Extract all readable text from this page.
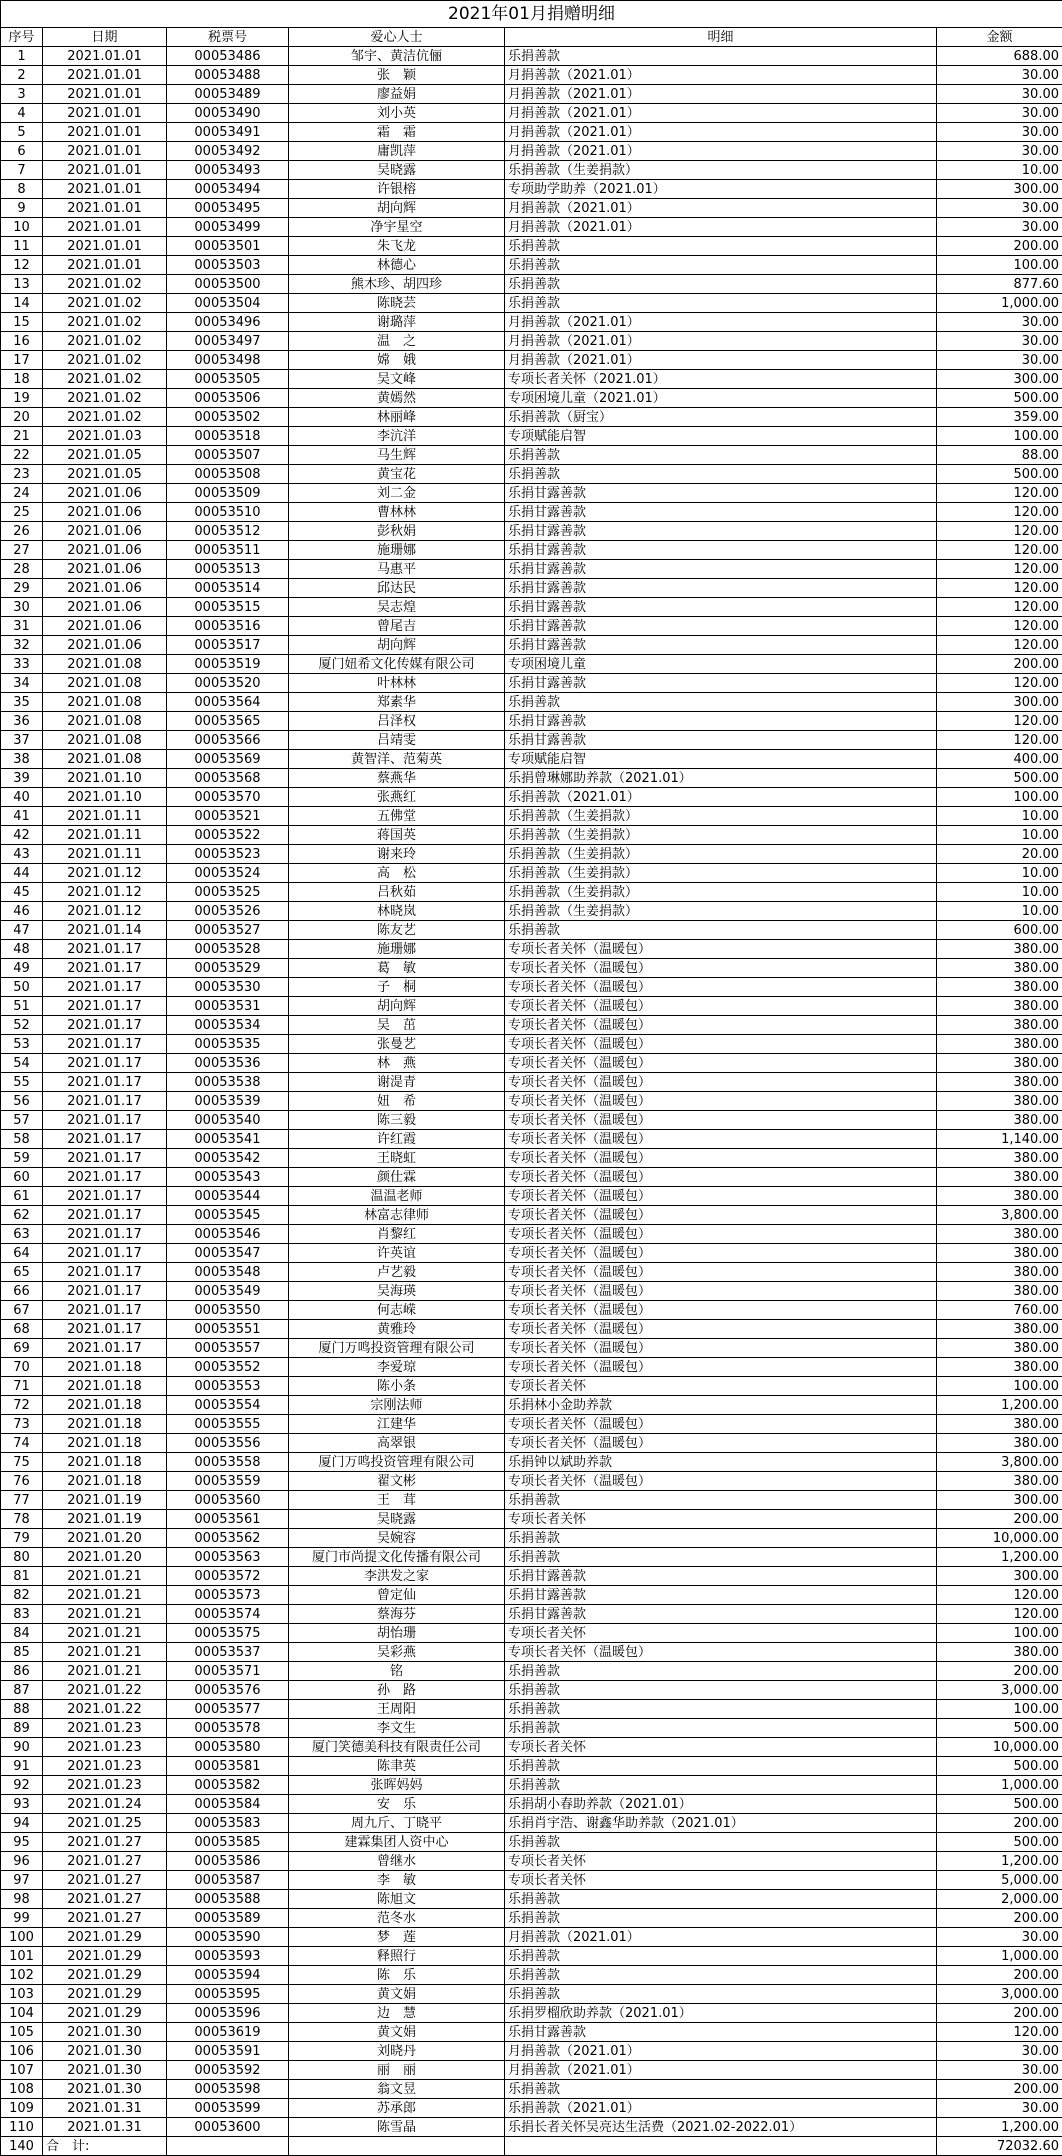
2021年01月捐赠明细					
序号	日期	税票号	爱心人士	明细	金额
1	2021.01.01	00053486	邹宇、黄洁伉俪	乐捐善款	688.00
2	2021.01.01	00053488	张　颖	月捐善款（2021.01）	30.00
3	2021.01.01	00053489	廖益娟	月捐善款（2021.01）	30.00
4	2021.01.01	00053490	刘小英	月捐善款（2021.01）	30.00
5	2021.01.01	00053491	霜　霜	月捐善款（2021.01）	30.00
6	2021.01.01	00053492	庸凯萍	月捐善款（2021.01）	30.00
7	2021.01.01	00053493	吴晓露	乐捐善款（生姜捐款）	10.00
8	2021.01.01	00053494	许银榕	专项助学助养（2021.01）	300.00
9	2021.01.01	00053495	胡向辉	月捐善款（2021.01）	30.00
10	2021.01.01	00053499	净宇星空	月捐善款（2021.01）	30.00
11	2021.01.01	00053501	朱飞龙	乐捐善款	200.00
12	2021.01.01	00053503	林德心	乐捐善款	100.00
13	2021.01.02	00053500	熊木珍、胡四珍	乐捐善款	877.60
14	2021.01.02	00053504	陈晓芸	乐捐善款	1,000.00
15	2021.01.02	00053496	谢璐萍	月捐善款（2021.01）	30.00
16	2021.01.02	00053497	温　之	月捐善款（2021.01）	30.00
17	2021.01.02	00053498	嫦　娥	月捐善款（2021.01）	30.00
18	2021.01.02	00053505	吴文峰	专项长者关怀（2021.01）	300.00
19	2021.01.02	00053506	黄嫣然	专项困境儿童（2021.01）	500.00
20	2021.01.02	00053502	林丽峰	乐捐善款（厨宝）	359.00
21	2021.01.03	00053518	李沆洋	专项赋能启智	100.00
22	2021.01.05	00053507	马生辉	乐捐善款	88.00
23	2021.01.05	00053508	黄宝花	乐捐善款	500.00
24	2021.01.06	00053509	刘二金	乐捐甘露善款	120.00
25	2021.01.06	00053510	曹林林	乐捐甘露善款	120.00
26	2021.01.06	00053512	彭秋娟	乐捐甘露善款	120.00
27	2021.01.06	00053511	施珊娜	乐捐甘露善款	120.00
28	2021.01.06	00053513	马惠平	乐捐甘露善款	120.00
29	2021.01.06	00053514	邱达民	乐捐甘露善款	120.00
30	2021.01.06	00053515	吴志煌	乐捐甘露善款	120.00
31	2021.01.06	00053516	曾尾吉	乐捐甘露善款	120.00
32	2021.01.06	00053517	胡向辉	乐捐甘露善款	120.00
33	2021.01.08	00053519	厦门妞希文化传媒有限公司	专项困境儿童	200.00
34	2021.01.08	00053520	叶林林	乐捐甘露善款	120.00
35	2021.01.08	00053564	郑素华	乐捐善款	300.00
36	2021.01.08	00053565	吕泽权	乐捐甘露善款	120.00
37	2021.01.08	00053566	吕靖雯	乐捐甘露善款	120.00
38	2021.01.08	00053569	黄智洋、范菊英	专项赋能启智	400.00
39	2021.01.10	00053568	蔡燕华	乐捐曾琳娜助养款（2021.01）	500.00
40	2021.01.10	00053570	张燕红	乐捐善款（2021.01）	100.00
41	2021.01.11	00053521	五佛堂	乐捐善款（生姜捐款）	10.00
42	2021.01.11	00053522	蒋国英	乐捐善款（生姜捐款）	10.00
43	2021.01.11	00053523	谢来玲	乐捐善款（生姜捐款）	20.00
44	2021.01.12	00053524	高　松	乐捐善款（生姜捐款）	10.00
45	2021.01.12	00053525	吕秋茹	乐捐善款（生姜捐款）	10.00
46	2021.01.12	00053526	林晓岚	乐捐善款（生姜捐款）	10.00
47	2021.01.14	00053527	陈友艺	乐捐善款	600.00
48	2021.01.17	00053528	施珊娜	专项长者关怀（温暖包）	380.00
49	2021.01.17	00053529	葛　敏	专项长者关怀（温暖包）	380.00
50	2021.01.17	00053530	子　桐	专项长者关怀（温暖包）	380.00
51	2021.01.17	00053531	胡向辉	专项长者关怀（温暖包）	380.00
52	2021.01.17	00053534	吴　茁	专项长者关怀（温暖包）	380.00
53	2021.01.17	00053535	张曼艺	专项长者关怀（温暖包）	380.00
54	2021.01.17	00053536	林　燕	专项长者关怀（温暖包）	380.00
55	2021.01.17	00053538	谢湜青	专项长者关怀（温暖包）	380.00
56	2021.01.17	00053539	妞　希	专项长者关怀（温暖包）	380.00
57	2021.01.17	00053540	陈三毅	专项长者关怀（温暖包）	380.00
58	2021.01.17	00053541	许红霞	专项长者关怀（温暖包）	1,140.00
59	2021.01.17	00053542	王晓虹	专项长者关怀（温暖包）	380.00
60	2021.01.17	00053543	颜仕霖	专项长者关怀（温暖包）	380.00
61	2021.01.17	00053544	温温老师	专项长者关怀（温暖包）	380.00
62	2021.01.17	00053545	林富志律师	专项长者关怀（温暖包）	3,800.00
63	2021.01.17	00053546	肖黎红	专项长者关怀（温暖包）	380.00
64	2021.01.17	00053547	许英谊	专项长者关怀（温暖包）	380.00
65	2021.01.17	00053548	卢艺毅	专项长者关怀（温暖包）	380.00
66	2021.01.17	00053549	吴海瑛	专项长者关怀（温暖包）	380.00
67	2021.01.17	00053550	何志嵘	专项长者关怀（温暖包）	760.00
68	2021.01.17	00053551	黄雅玲	专项长者关怀（温暖包）	380.00
69	2021.01.17	00053557	厦门万鸣投资管理有限公司	专项长者关怀（温暖包）	380.00
70	2021.01.18	00053552	李爱琼	专项长者关怀（温暖包）	380.00
71	2021.01.18	00053553	陈小条	专项长者关怀	100.00
72	2021.01.18	00053554	宗刚法师	乐捐林小金助养款	1,200.00
73	2021.01.18	00053555	江建华	专项长者关怀（温暖包）	380.00
74	2021.01.18	00053556	高翠银	专项长者关怀（温暖包）	380.00
75	2021.01.18	00053558	厦门万鸣投资管理有限公司	乐捐钟以斌助养款	3,800.00
76	2021.01.18	00053559	翟文彬	专项长者关怀（温暖包）	380.00
77	2021.01.19	00053560	王　茸	乐捐善款	300.00
78	2021.01.19	00053561	吴晓露	专项长者关怀	200.00
79	2021.01.20	00053562	吴婉容	乐捐善款	10,000.00
80	2021.01.20	00053563	厦门市尚提文化传播有限公司	乐捐善款	1,200.00
81	2021.01.21	00053572	李洪发之家	乐捐甘露善款	300.00
82	2021.01.21	00053573	曾定仙	乐捐甘露善款	120.00
83	2021.01.21	00053574	蔡海芬	乐捐甘露善款	120.00
84	2021.01.21	00053575	胡怡珊	专项长者关怀	100.00
85	2021.01.21	00053537	吴彩燕	专项长者关怀（温暖包）	380.00
86	2021.01.21	00053571	铭	乐捐善款	200.00
87	2021.01.22	00053576	孙　路	乐捐善款	3,000.00
88	2021.01.22	00053577	王周阳	乐捐善款	100.00
89	2021.01.23	00053578	李文生	乐捐善款	500.00
90	2021.01.23	00053580	厦门笑德美科技有限责任公司	专项长者关怀	10,000.00
91	2021.01.23	00053581	陈聿英	乐捐善款	500.00
92	2021.01.23	00053582	张晖妈妈	乐捐善款	1,000.00
93	2021.01.24	00053584	安　乐	乐捐胡小春助养款（2021.01）	500.00
94	2021.01.25	00053583	周九斤、丁晓平	乐捐肖宇浩、谢鑫华助养款（2021.01）	200.00
95	2021.01.27	00053585	建霖集团人资中心	乐捐善款	500.00
96	2021.01.27	00053586	曾继水	专项长者关怀	1,200.00
97	2021.01.27	00053587	李　敏	专项长者关怀	5,000.00
98	2021.01.27	00053588	陈旭文	乐捐善款	2,000.00
99	2021.01.27	00053589	范冬水	乐捐善款	200.00
100	2021.01.29	00053590	梦　莲	月捐善款（2021.01）	30.00
101	2021.01.29	00053593	释照行	乐捐善款	1,000.00
102	2021.01.29	00053594	陈　乐	乐捐善款	200.00
103	2021.01.29	00053595	黄文娟	乐捐善款	3,000.00
104	2021.01.29	00053596	边　慧	乐捐罗榴欣助养款（2021.01）	200.00
105	2021.01.30	00053619	黄文娟	乐捐甘露善款	120.00
106	2021.01.30	00053591	刘晓丹	月捐善款（2021.01）	30.00
107	2021.01.30	00053592	丽　丽	月捐善款（2021.01）	30.00
108	2021.01.30	00053598	翁文昱	乐捐善款	200.00
109	2021.01.31	00053599	苏承郎	乐捐善款（2021.01）	30.00
110	2021.01.31	00053600	陈雪晶	乐捐长者关怀吴亮达生活费（2021.02-2022.01）	1,200.00
140	合　计:				72032.60
